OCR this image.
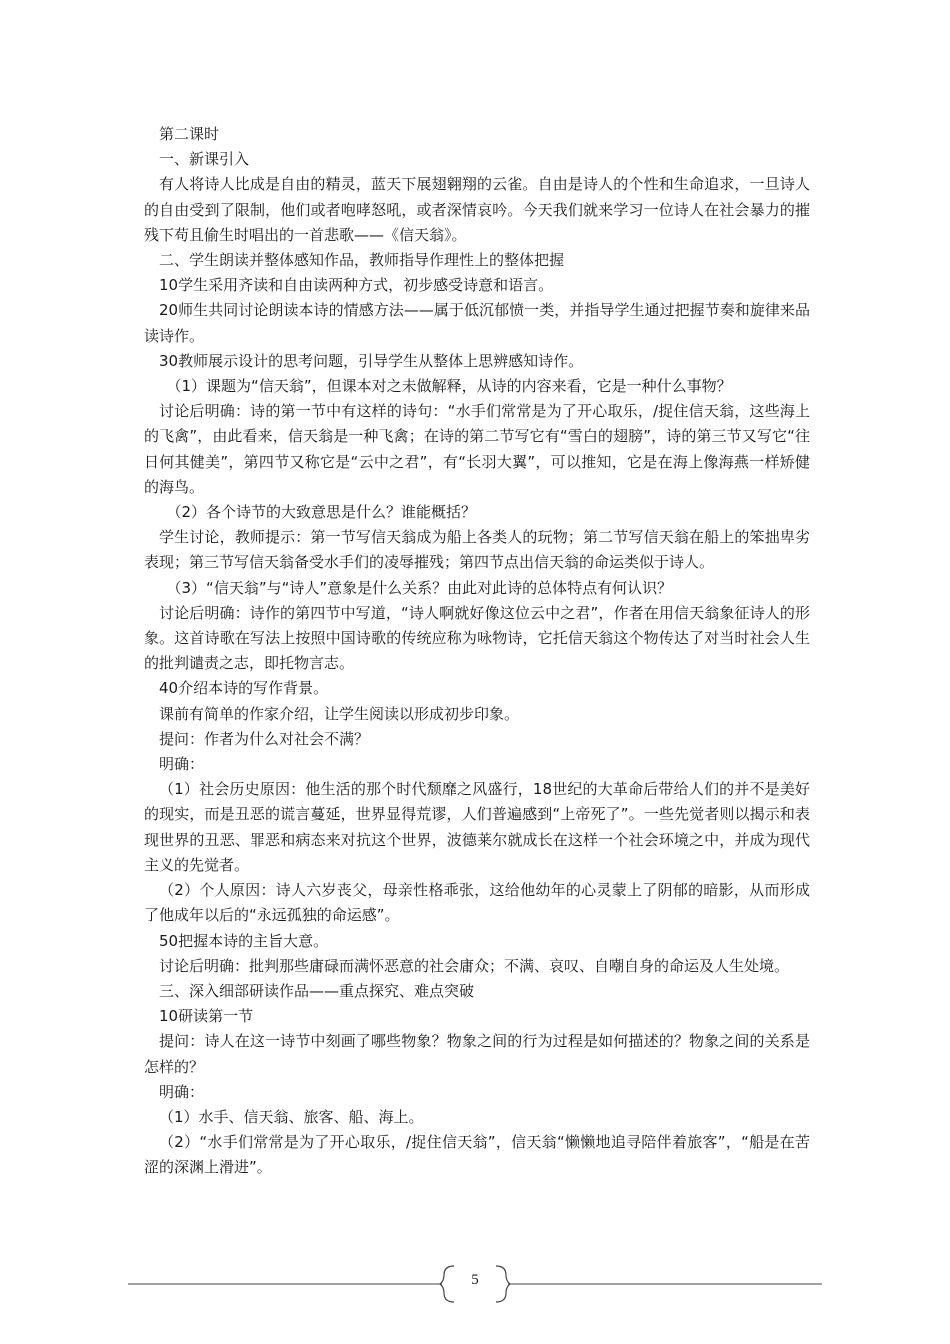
第二课时

一、新课引入

有人将诗人比成是自由的精灵，蓝天下展翅翱翔的云雀。自由是诗人的个性和生命追求，一旦诗人的自由受到了限制，他们或者咆哮怒吼，或者深情哀吟。今天我们就来学习一位诗人在社会暴力的摧残下苟且偷生时唱出的一首悲歌——《信天翁》。

二、学生朗读并整体感知作品，教师指导作理性上的整体把握

10学生采用齐读和自由读两种方式，初步感受诗意和语言。

20师生共同讨论朗读本诗的情感方法——属于低沉郁愤一类，并指导学生通过把握节奏和旋律来品读诗作。

30教师展示设计的思考问题，引导学生从整体上思辨感知诗作。

（1）课题为“信天翁”，但课本对之未做解释，从诗的内容来看，它是一种什么事物？

讨论后明确：诗的第一节中有这样的诗句：“水手们常常是为了开心取乐，/捉住信天翁，这些海上的飞禽”，由此看来，信天翁是一种飞禽；在诗的第二节写它有“雪白的翅膀”，诗的第三节又写它“往日何其健美”，第四节又称它是“云中之君”，有“长羽大翼”，可以推知，它是在海上像海燕一样矫健的海鸟。

（2）各个诗节的大致意思是什么？谁能概括？

学生讨论，教师提示：第一节写信天翁成为船上各类人的玩物；第二节写信天翁在船上的笨拙卑劣表现；第三节写信天翁备受水手们的凌辱摧残；第四节点出信天翁的命运类似于诗人。

（3）“信天翁”与“诗人”意象是什么关系？由此对此诗的总体特点有何认识？

讨论后明确：诗作的第四节中写道，“诗人啊就好像这位云中之君”，作者在用信天翁象征诗人的形象。这首诗歌在写法上按照中国诗歌的传统应称为咏物诗，它托信天翁这个物传达了对当时社会人生的批判谴责之志，即托物言志。

40介绍本诗的写作背景。

课前有简单的作家介绍，让学生阅读以形成初步印象。

提问：作者为什么对社会不满？

明确：

（1）社会历史原因：他生活的那个时代颓靡之风盛行，18世纪的大革命后带给人们的并不是美好的现实，而是丑恶的谎言蔓延，世界显得荒谬，人们普遍感到“上帝死了”。一些先觉者则以揭示和表现世界的丑恶、罪恶和病态来对抗这个世界，波德莱尔就成长在这样一个社会环境之中，并成为现代主义的先觉者。

（2）个人原因：诗人六岁丧父，母亲性格乖张，这给他幼年的心灵蒙上了阴郁的暗影，从而形成了他成年以后的“永远孤独的命运感”。

50把握本诗的主旨大意。

讨论后明确：批判那些庸碌而满怀恶意的社会庸众；不满、哀叹、自嘲自身的命运及人生处境。

三、深入细部研读作品——重点探究、难点突破

10研读第一节

提问：诗人在这一诗节中刻画了哪些物象？物象之间的行为过程是如何描述的？物象之间的关系是怎样的？

明确：

（1）水手、信天翁、旅客、船、海上。

（2）“水手们常常是为了开心取乐，/捉住信天翁”，信天翁“懒懒地追寻陪伴着旅客”，“船是在苦涩的深渊上滑进”。

5
